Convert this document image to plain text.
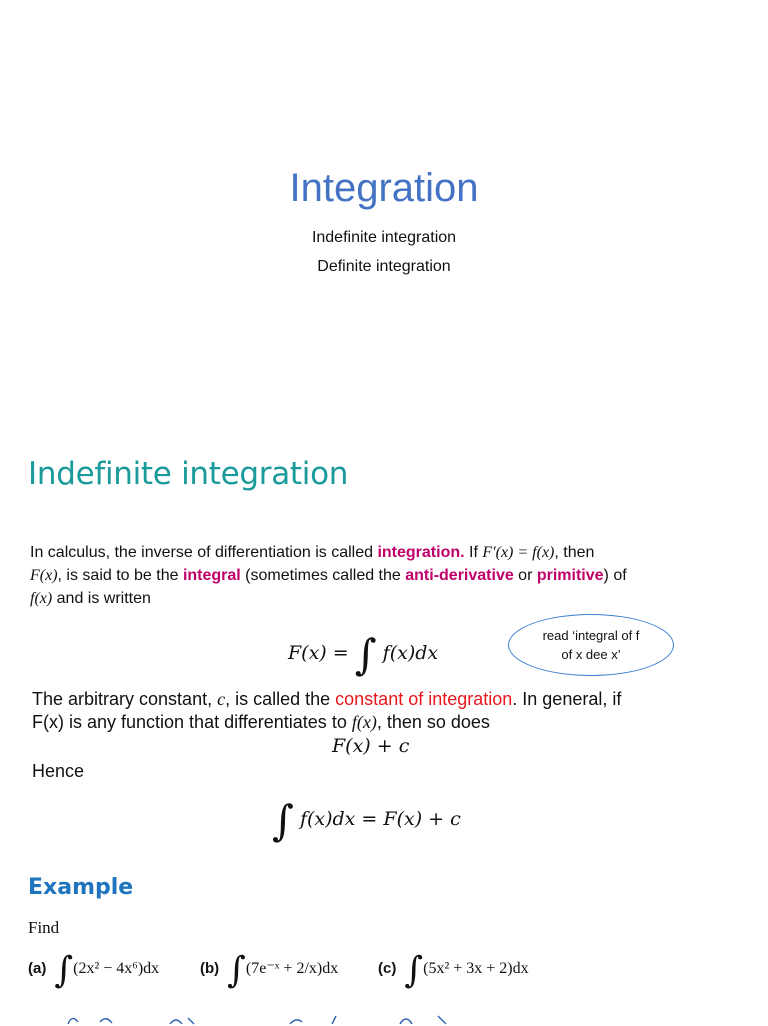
Integration
Indefinite integration
Definite integration
Indefinite integration
In calculus, the inverse of differentiation is called integration. If F′(x) = f(x), then
F(x), is said to be the integral (sometimes called the anti-derivative or primitive) of
f(x) and is written
F(x) = ∫ f(x)dx
read ‘integral of f
of x dee x’
The arbitrary constant, c, is called the constant of integration. In general, if
F(x) is any function that differentiates to f(x), then so does
F(x) + c
Hence
∫ f(x)dx = F(x) + c
Example
Find
(a) ∫(2x² − 4x⁶)dx	(b) ∫(7e⁻ˣ + 2/x)dx	(c) ∫(5x² + 3x + 2)dx
